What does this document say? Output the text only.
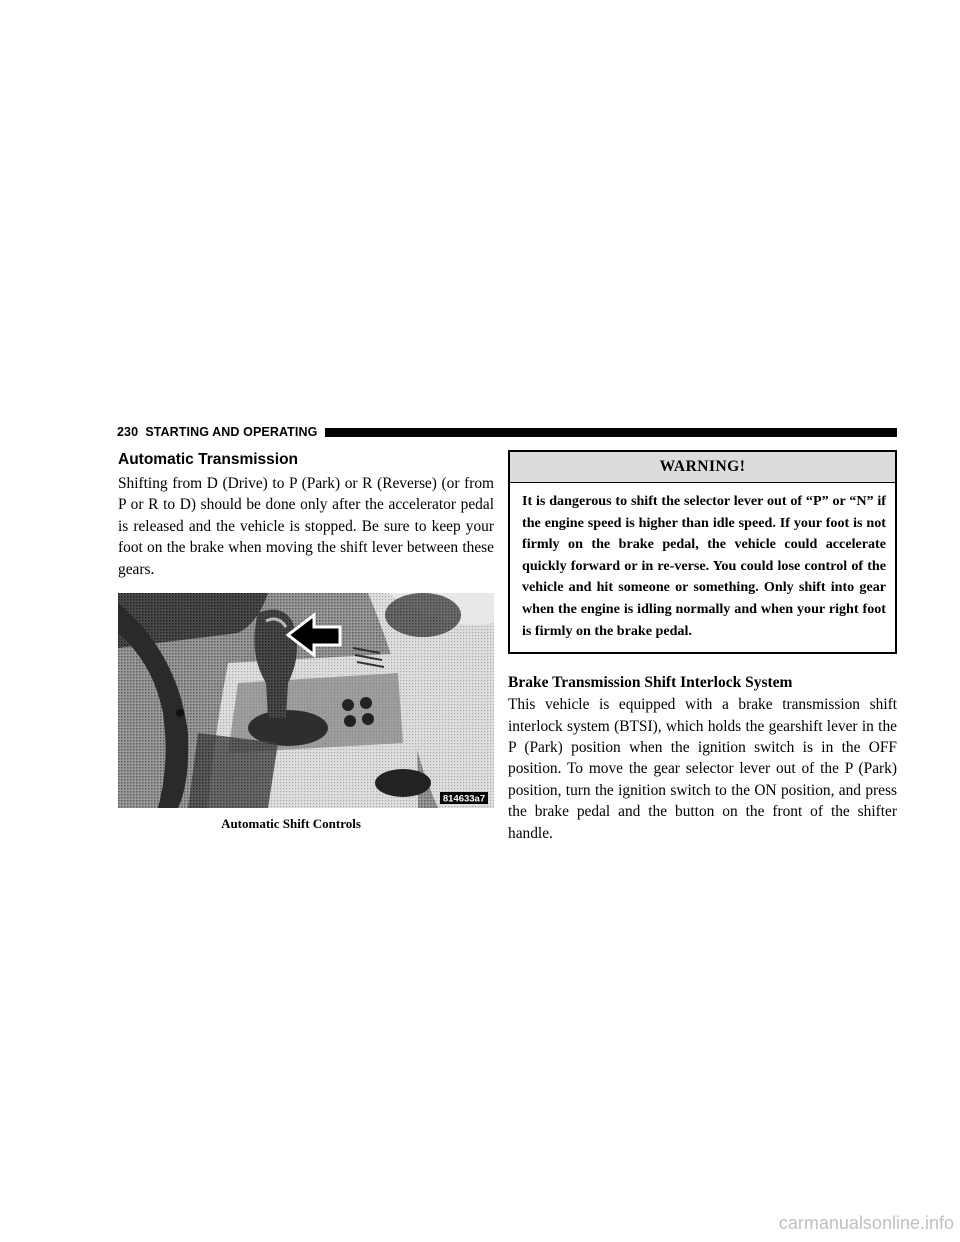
230 STARTING AND OPERATING
Automatic Transmission

Shifting from D (Drive) to P (Park) or R (Reverse) (or from P or R to D) should be done only after the accelerator pedal is released and the vehicle is stopped. Be sure to keep your foot on the brake when moving the shift lever between these gears.

814633a7
Automatic Shift Controls
WARNING!
It is dangerous to shift the selector lever out of “P” or “N” if the engine speed is higher than idle speed. If your foot is not firmly on the brake pedal, the vehicle could accelerate quickly forward or in re-verse. You could lose control of the vehicle and hit someone or something. Only shift into gear when the engine is idling normally and when your right foot is firmly on the brake pedal.
Brake Transmission Shift Interlock System

This vehicle is equipped with a brake transmission shift interlock system (BTSI), which holds the gearshift lever in the P (Park) position when the ignition switch is in the OFF position. To move the gear selector lever out of the P (Park) position, turn the ignition switch to the ON position, and press the brake pedal and the button on the front of the shifter handle.

carmanualsonline.info
